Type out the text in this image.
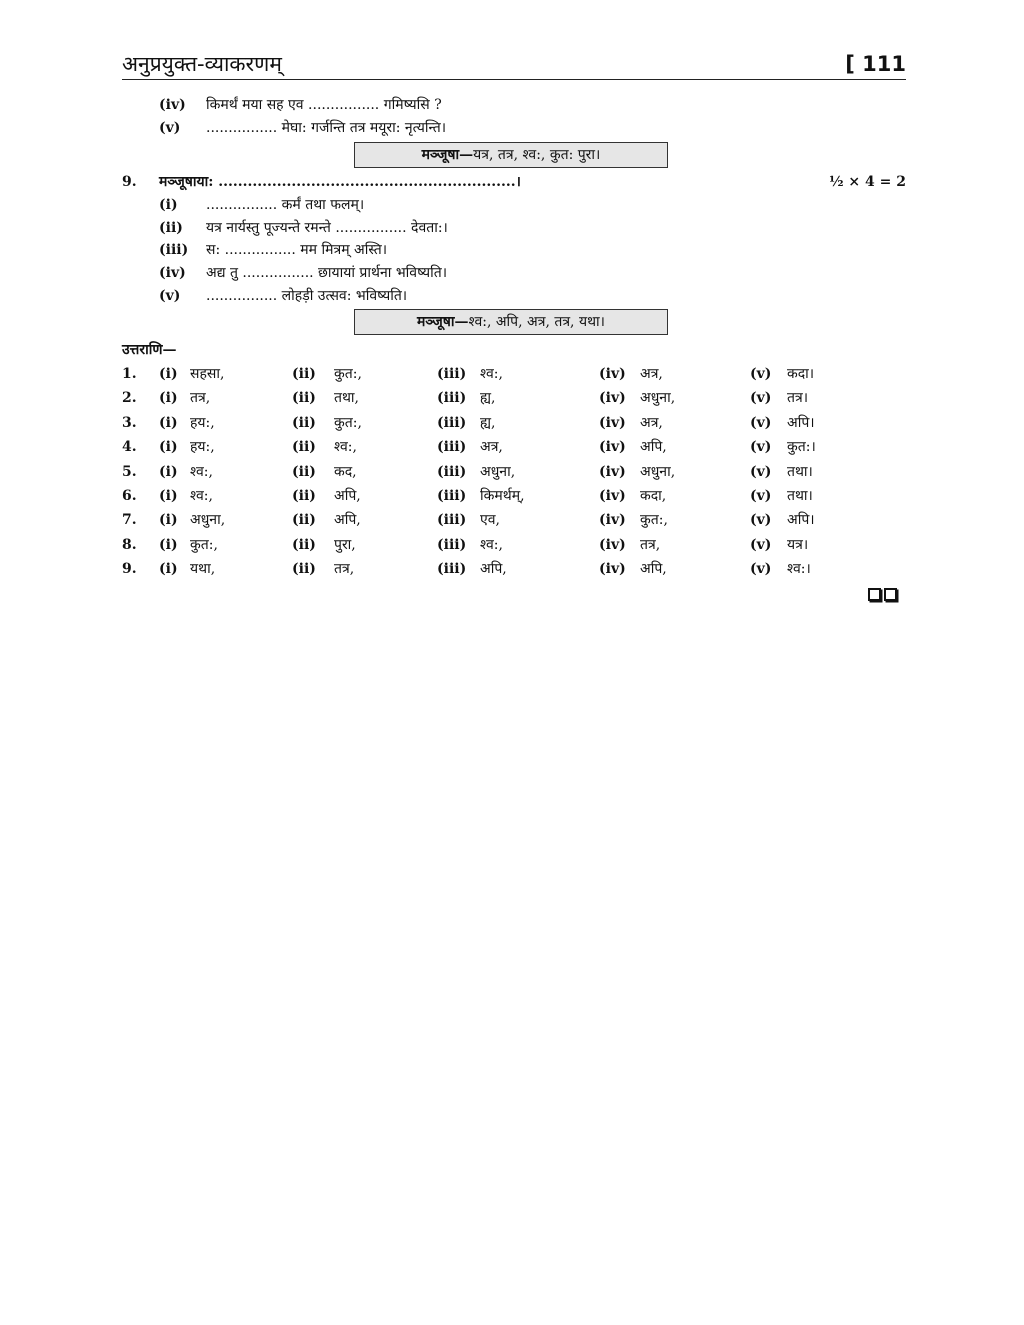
अनुप्रयुक्त-व्याकरणम्	[ 111
(iv) किमर्थं मया सह एव ................ गमिष्यसि ?
(v) ................ मेघा: गर्जन्ति तत्र मयूरा: नृत्यन्ति।
मञ्जूषा—यत्र, तत्र, श्व:, कुत: पुरा।
9. मञ्जूषाया: .............................................................।	½ × 4 = 2
(i) ................ कर्मं तथा फलम्।
(ii) यत्र नार्यस्तु पूज्यन्ते रमन्ते ................ देवता:।
(iii) स: ................ मम मित्रम् अस्ति।
(iv) अद्य तु ................ छायायां प्रार्थना भविष्यति।
(v) ................ लोहड़ी उत्सव: भविष्यति।
मञ्जूषा—श्व:, अपि, अत्र, तत्र, यथा।
उत्तराणि—
1. (i) सहसा,	(ii) कुत:,	(iii) श्व:,	(iv) अत्र,	(v) कदा।
2. (i) तत्र,	(ii) तथा,	(iii) ह्य,	(iv) अधुना,	(v) तत्र।
3. (i) हय:,	(ii) कुत:,	(iii) ह्य,	(iv) अत्र,	(v) अपि।
4. (i) हय:,	(ii) श्व:,	(iii) अत्र,	(iv) अपि,	(v) कुत:।
5. (i) श्व:,	(ii) कद,	(iii) अधुना,	(iv) अधुना,	(v) तथा।
6. (i) श्व:,	(ii) अपि,	(iii) किमर्थम्,	(iv) कदा,	(v) तथा।
7. (i) अधुना,	(ii) अपि,	(iii) एव,	(iv) कुत:,	(v) अपि।
8. (i) कुत:,	(ii) पुरा,	(iii) श्व:,	(iv) तत्र,	(v) यत्र।
9. (i) यथा,	(ii) तत्र,	(iii) अपि,	(iv) अपि,	(v) श्व:।
